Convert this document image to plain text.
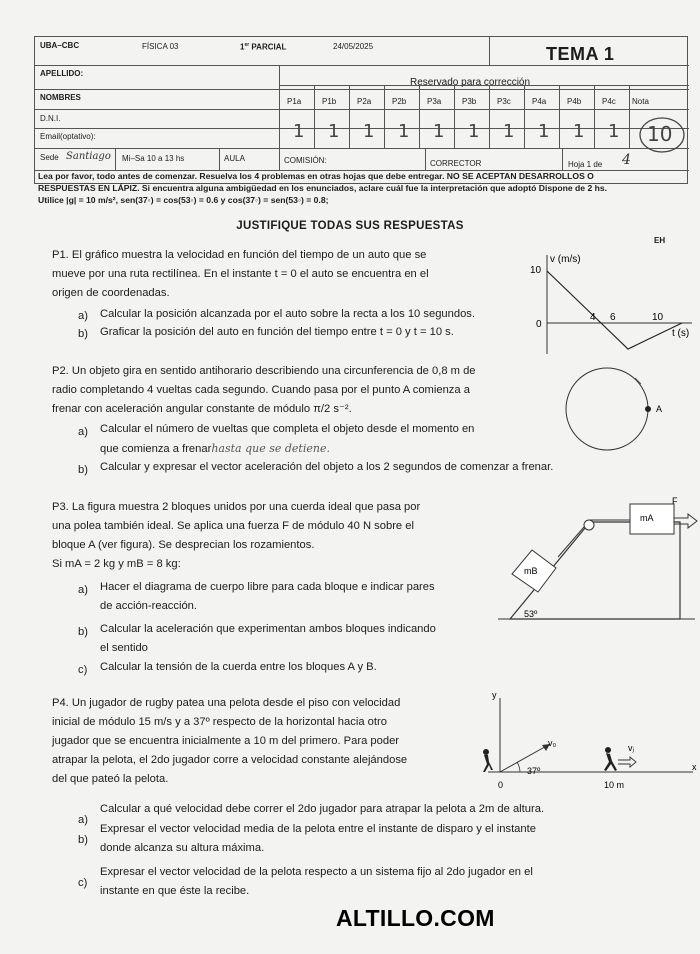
UBA–CBC	FÍSICA 03	1er PARCIAL	24/05/2025	TEMA 1
APELLIDO:
Reservado para corrección
NOMBRES	P1a	P1b	P2a	P2b	P3a	P3b	P3c	P4a	P4b	P4c Nota
D.N.I.
Email(optativo):	1 1 1 1 1 1 1 1 1 1 10
Sede Santiago Mi–Sa 10 a 13 hs	AULA	COMISIÓN:	CORRECTOR	Hoja 1 de 4
Lea por favor, todo antes de comenzar. Resuelva los 4 problemas en otras hojas que debe entregar. NO SE ACEPTAN DESARROLLOS O
RESPUESTAS EN LÁPIZ. Si encuentra alguna ambigüedad en los enunciados, aclare cuál fue la interpretación que adoptó Dispone de 2 hs.
Utilice |g| = 10 m/s², sen(37◦) = cos(53◦) = 0.6 y cos(37◦) = sen(53◦) = 0.8;
JUSTIFIQUE TODAS SUS RESPUESTAS
EH
P1. El gráfico muestra la velocidad en función del tiempo de un auto que se
mueve por una ruta rectilínea. En el instante t = 0 el auto se encuentra en el
origen de coordenadas.
a) Calcular la posición alcanzada por el auto sobre la recta a los 10 segundos.
b) Graficar la posición del auto en función del tiempo entre t = 0 y t = 10 s.
v (m/s)
t (s)
10
0
4 6	10
P2. Un objeto gira en sentido antihorario describiendo una circunferencia de 0,8 m de
radio completando 4 vueltas cada segundo. Cuando pasa por el punto A comienza a
frenar con aceleración angular constante de módulo π/2 s⁻².
a) Calcular el número de vueltas que completa el objeto desde el momento en
que comienza a frenarhasta que se detiene.
b) Calcular y expresar el vector aceleración del objeto a los 2 segundos de comenzar a frenar.
A
P3. La figura muestra 2 bloques unidos por una cuerda ideal que pasa por
una polea también ideal. Se aplica una fuerza F de módulo 40 N sobre el
bloque A (ver figura). Se desprecian los rozamientos.
Si mA = 2 kg y mB = 8 kg:
a) Hacer el diagrama de cuerpo libre para cada bloque e indicar pares
de acción-reacción.
b) Calcular la aceleración que experimentan ambos bloques indicando
el sentido
c) Calcular la tensión de la cuerda entre los bloques A y B.
F
mA
mB
53º
P4. Un jugador de rugby patea una pelota desde el piso con velocidad
inicial de módulo 15 m/s y a 37º respecto de la horizontal hacia otro
jugador que se encuentra inicialmente a 10 m del primero. Para poder
atrapar la pelota, el 2do jugador corre a velocidad constante alejándose
del que pateó la pelota.
a)
Calcular a qué velocidad debe correr el 2do jugador para atrapar la pelota a 2m de altura.
b)
Expresar el vector velocidad media de la pelota entre el instante de disparo y el instante
donde alcanza su altura máxima.
c)
Expresar el vector velocidad de la pelota respecto a un sistema fijo al 2do jugador en el
instante en que éste la recibe.
y
x
0
v₀
37º
10 m
vⱼ
ALTILLO.COM
